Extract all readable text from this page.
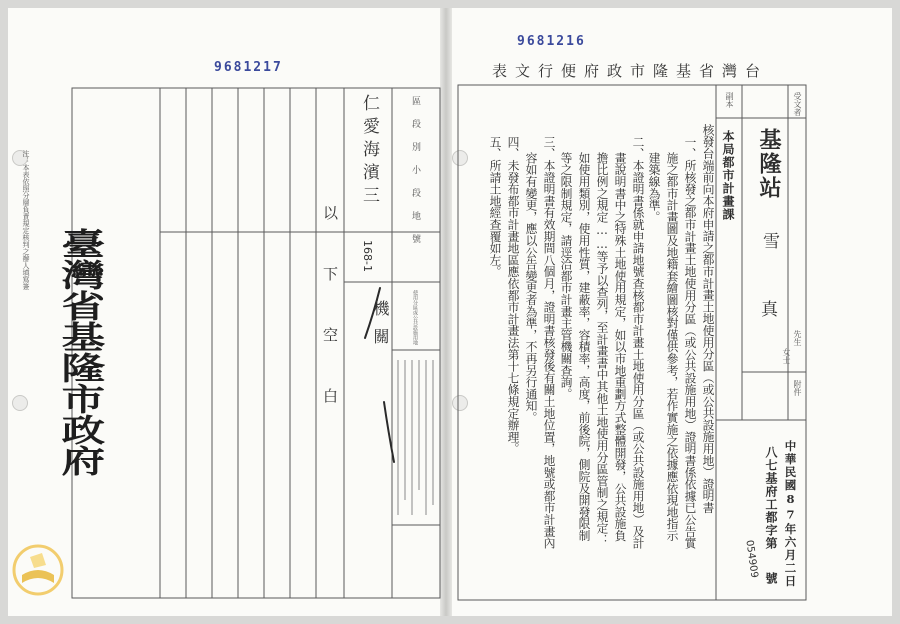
9681217
注：本表依照分層負責規定核判之辦人填寫簽
臺灣省基隆市政府
區段別小段地號
使用分區或公共設施用地
仁愛海濱三
168-1
機關
以下空白
9681216
表文行便府政市隆基省灣台
受文者
副本
附件
基隆站
雪
真
先生
女士
本局都市計畫課
核發台端前向本府申請之都市計畫土地使用分區（或公共設施用地）證明書
一、所核發之都市計畫土地使用分區（或公共設施用地）證明書係依據已公告實
施之都市計畫圖及地籍套繪圖核對僅供參考，若作實施之依據應依現地指示
建築線為準。
二、本證明書係就申請地號查核都市計畫土地使用分區（或公共設施用地）及計
畫說明書中之特殊土地使用規定，如以市地重劃方式整體開發，公共設施負
擔比例之規定……等予以查列，至計畫書中其他土地使用分區管制之規定：
如使用類別，使用性質，建蔽率，容積率，高度，前後院，側院及開發限制
等之限制規定，請逕洽都市計畫主管機關查詢。
三、本證明書有效期間八個月，證明書核發後有關土地位置，地號或都市計畫內
容如有變更，應以公告變更者為準，不再另行通知。
四、未發布都市計畫地區應依都市計畫法第十七條規定辦理。
五、所請土地經查覆如左。
中華民國87年六月二日
八七基府工都字第
054909 號
